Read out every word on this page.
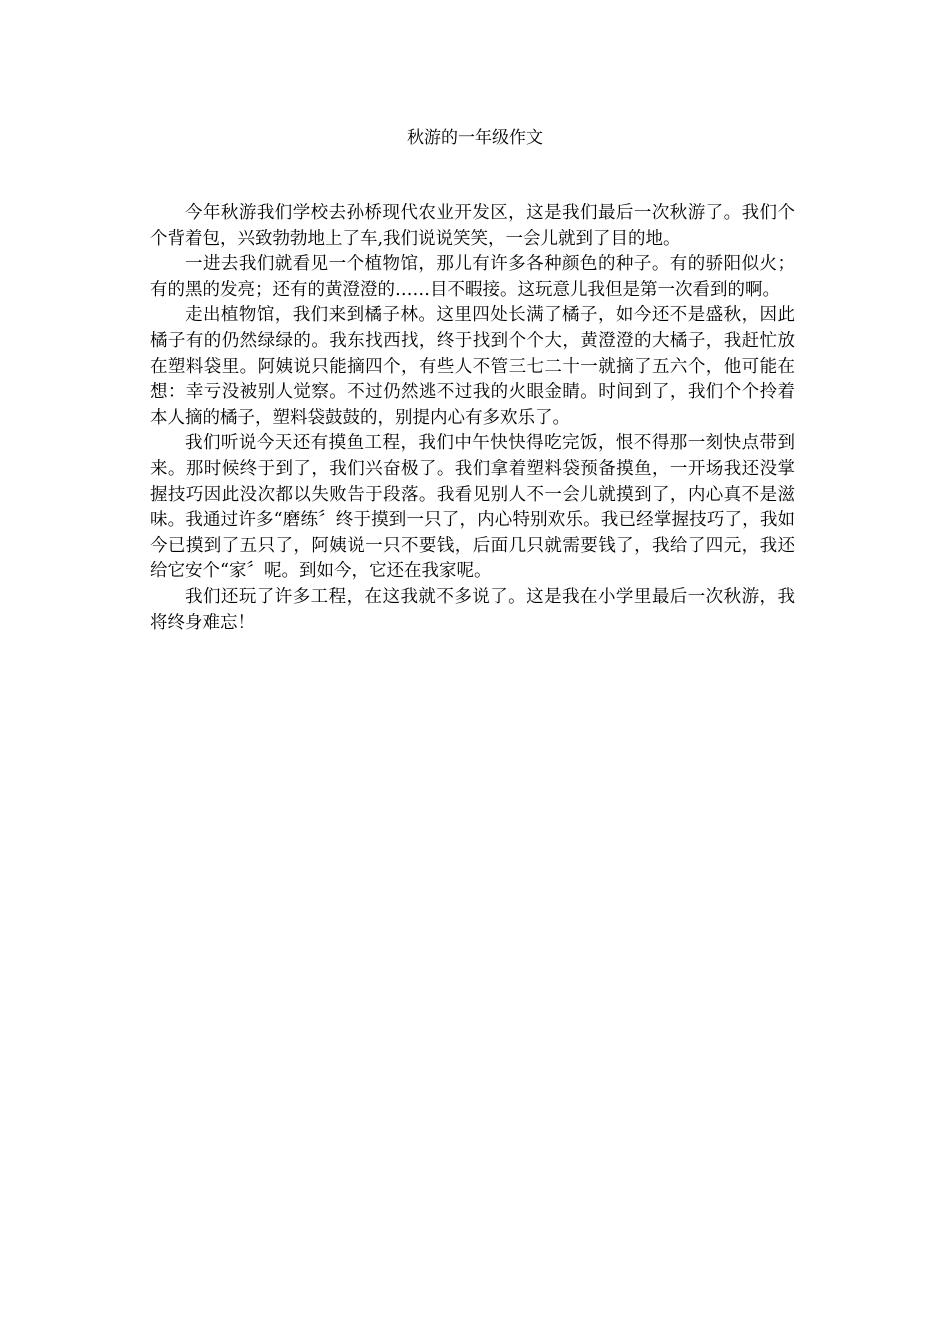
秋游的一年级作文

今年秋游我们学校去孙桥现代农业开发区，这是我们最后一次秋游了。我们个个背着包，兴致勃勃地上了车,我们说说笑笑，一会儿就到了目的地。

一进去我们就看见一个植物馆，那儿有许多各种颜色的种子。有的骄阳似火；有的黑的发亮；还有的黄澄澄的……目不暇接。这玩意儿我但是第一次看到的啊。

走出植物馆，我们来到橘子林。这里四处长满了橘子，如今还不是盛秋，因此橘子有的仍然绿绿的。我东找西找，终于找到个个大，黄澄澄的大橘子，我赶忙放在塑料袋里。阿姨说只能摘四个，有些人不管三七二十一就摘了五六个，他可能在想：幸亏没被别人觉察。不过仍然逃不过我的火眼金睛。时间到了，我们个个拎着本人摘的橘子，塑料袋鼓鼓的，别提内心有多欢乐了。

我们听说今天还有摸鱼工程，我们中午快快得吃完饭，恨不得那一刻快点带到来。那时候终于到了，我们兴奋极了。我们拿着塑料袋预备摸鱼，一开场我还没掌握技巧因此没次都以失败告于段落。我看见别人不一会儿就摸到了，内心真不是滋味。我通过许多“磨练〞终于摸到一只了，内心特别欢乐。我已经掌握技巧了，我如今已摸到了五只了，阿姨说一只不要钱，后面几只就需要钱了，我给了四元，我还给它安个“家〞呢。到如今，它还在我家呢。

我们还玩了许多工程，在这我就不多说了。这是我在小学里最后一次秋游，我将终身难忘！
